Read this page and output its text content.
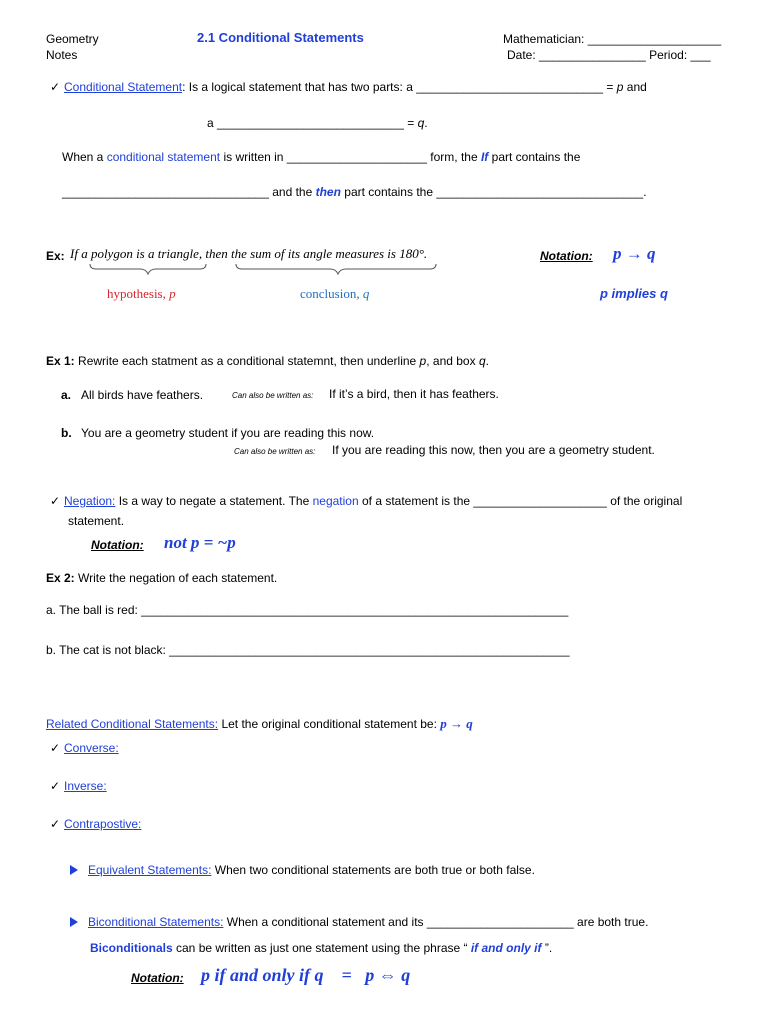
Geometry
Notes
2.1 Conditional Statements	Mathematician: ____________________
Date: ________________ Period: ___
✓ Conditional Statement: Is a logical statement that has two parts: a ____________________________ = p and
a ____________________________ = q.
When a conditional statement is written in _____________________ form, the If part contains the
_______________________________ and the then part contains the _______________________________.
Ex: If a polygon is a triangle, then the sum of its angle measures is 180°.
hypothesis, p	conclusion, q
Notation: p → q
p implies q
Ex 1: Rewrite each statment as a conditional statemnt, then underline p, and box q.
a. All birds have feathers.	Can also be written as: If it’s a bird, then it has feathers.
b. You are a geometry student if you are reading this now.
Can also be written as: If you are reading this now, then you are a geometry student.
✓ Negation: Is a way to negate a statement. The negation of a statement is the ____________________ of the original
statement.
Notation: not p = ~p
Ex 2: Write the negation of each statement.
a. The ball is red: ________________________________________________________________
b. The cat is not black: ____________________________________________________________
Related Conditional Statements: Let the original conditional statement be: p → q
✓ Converse:
✓ Inverse:
✓ Contrapostive:
Equivalent Statements: When two conditional statements are both true or both false.
Biconditional Statements: When a conditional statement and its ______________________ are both true.
Biconditionals can be written as just one statement using the phrase “ if and only if ”.
Notation: p if and only if q    =   p ⇔ q
